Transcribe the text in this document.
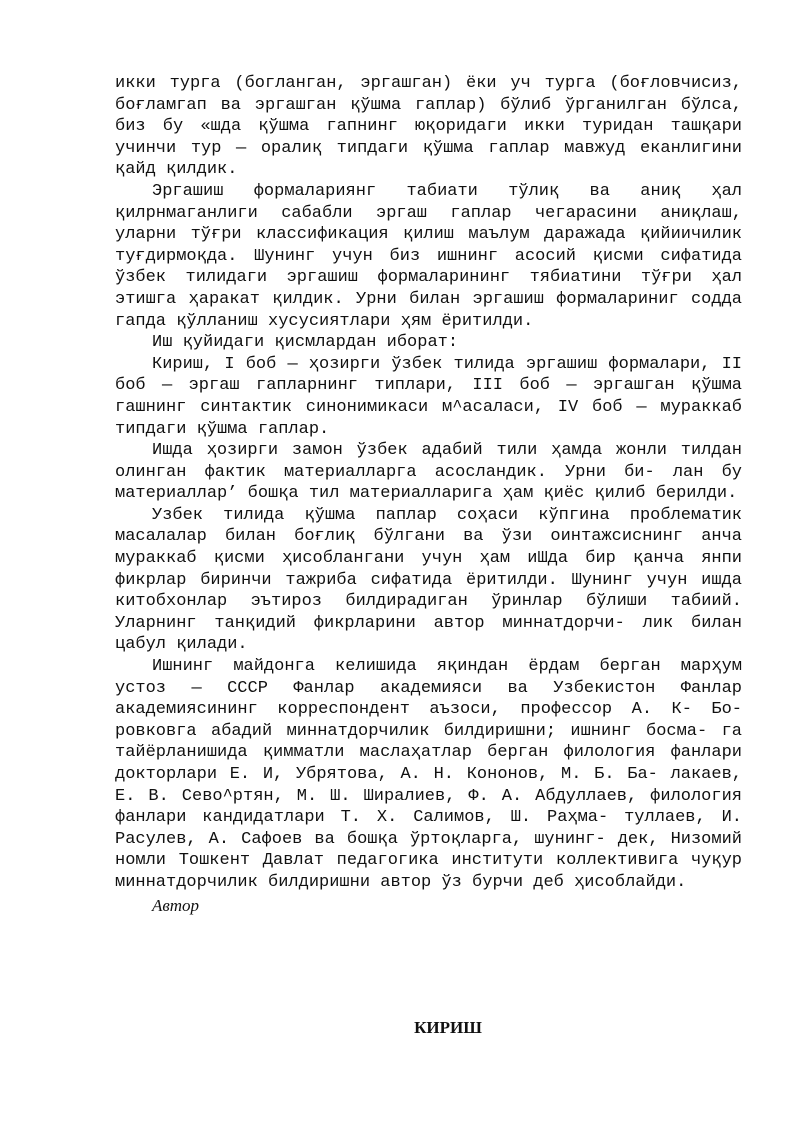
икки турга (богланган, эргашган) ёки уч турга (боғловчисиз, боғламгап ва эргашган қўшма гаплар) бўлиб ўрганилган бўлса, биз бу «шда қўшма гапнинг юқоридаги икки туридан ташқари учинчи тур — оралиқ типдаги қўшма гаплар мавжуд еканлигини қайд қилдик.

Эргашиш формалариянг табиати тўлиқ ва аниқ ҳал қилрнмаганлиги сабабли эргаш гаплар чегарасини аниқлаш, уларни тўғри классификация қилиш маълум даражада қийиичилик туғдирмоқда. Шунинг учун биз ишнинг асосий қисми сифатида ўзбек тилидаги эргашиш формаларининг тябиатини тўғри ҳал этишга ҳаракат қилдик. Урни билан эргашиш формалариниг содда гапда қўлланиш хусусиятлари ҳям ёритилди.

Иш қуйидаги қисмлардан иборат:

Кириш, I боб — ҳозирги ўзбек тилида эргашиш формалари, II боб — эргаш гапларнинг типлари, III боб — эргашган қўшма гашнинг синтактик синонимикаси м^асаласи, IV боб — мураккаб типдаги қўшма гаплар.

Ишда ҳозирги замон ўзбек адабий тили ҳамда жонли тилдан олинган фактик материалларга асосландик. Урни би- лан бу материаллар’ бошқа тил материалларига ҳам қиёс қилиб берилди.

Узбек тилида қўшма паплар соҳаси кўпгина проблематик масалалар билан боғлиқ бўлгани ва ўзи оинтажсиснинг анча мураккаб қисми ҳисоблангани учун ҳам иШда бир қанча янпи фикрлар биринчи тажриба сифатида ёритилди. Шунинг учун ишда китобхонлар эътироз билдирадиган ўринлар бўлиши табиий. Уларнинг танқидий фикрларини автор миннатдорчи- лик билан цабул қилади.

Ишнинг майдонга келишида яқиндан ёрдам берган марҳум устоз — СССР Фанлар академияси ва Узбекистон Фанлар академиясининг корреспондент аъзоси, профессор А. К- Бо- ровковга абадий миннатдорчилик билдиришни; ишнинг босма- га тайёрланишида қимматли маслаҳатлар берган филология фанлари докторлари Е. И, Убрятова, А. Н. Кононов, М. Б. Ба- лакаев, Е. В. Сево^ртян, М. Ш. Ширалиев, Ф. А. Абдуллаев, филология фанлари кандидатлари Т. Х. Салимов, Ш. Раҳма- туллаев, И. Расулев, А. Сафоев ва бошқа ўртоқларга, шунинг- дек, Низомий номли Тошкент Давлат педагогика институти коллективига чуқур миннатдорчилик билдиришни автор ўз бурчи деб ҳисоблайди.

Автор

КИРИШ
